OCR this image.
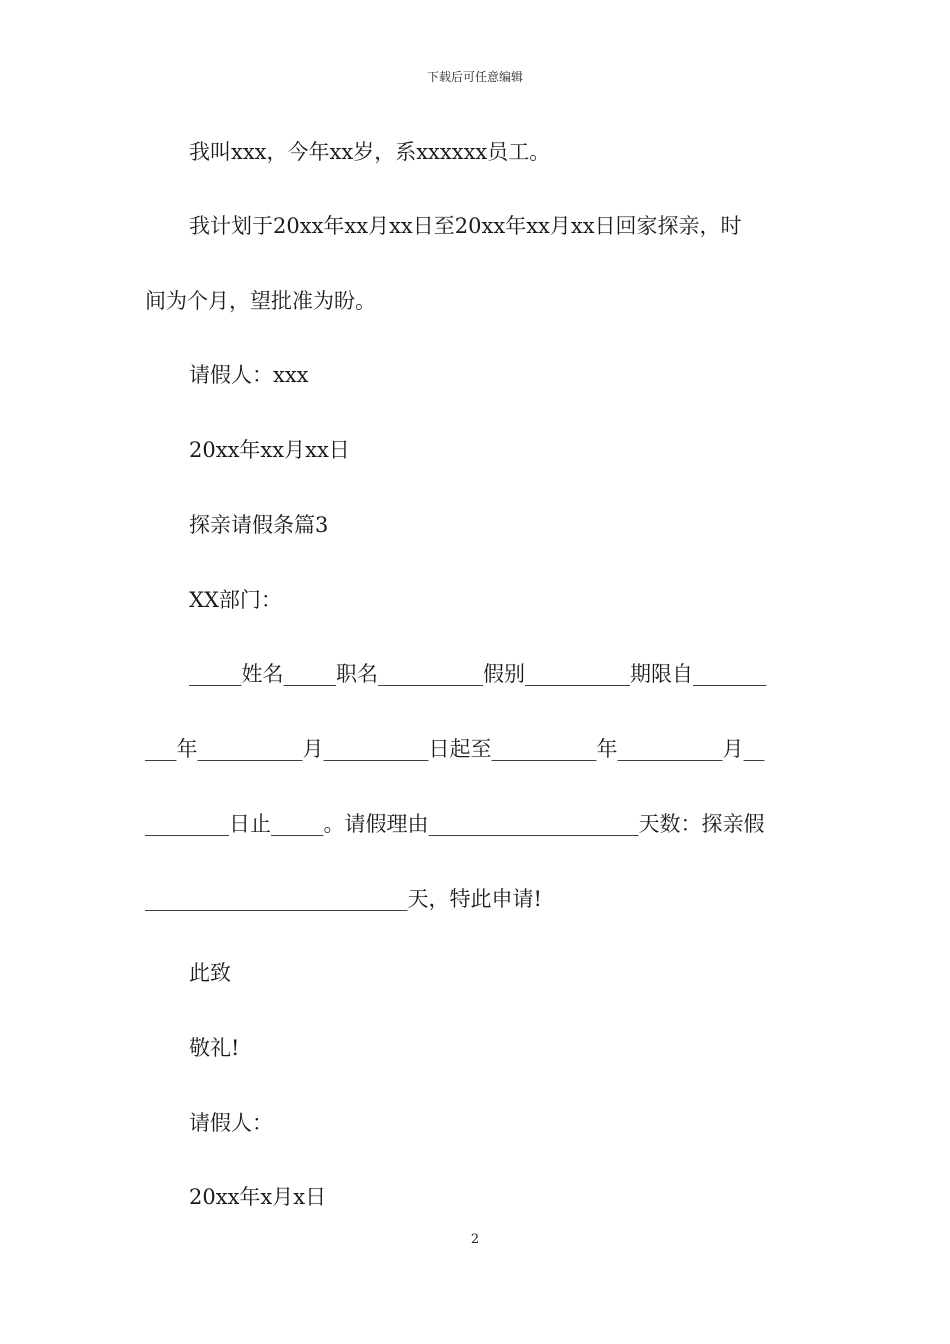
下载后可任意编辑
我叫xxx，今年xx岁，系xxxxxx员工。
我计划于20xx年xx月xx日至20xx年xx月xx日回家探亲，时
间为个月，望批准为盼。
请假人：xxx
20xx年xx月xx日
探亲请假条篇3
XX部门：
_____姓名_____职名__________假别__________期限自_______
___年__________月__________日起至__________年__________月__
________日止_____。请假理由____________________天数：探亲假
_________________________天，特此申请!
此致
敬礼!
请假人：
20xx年x月x日
2
